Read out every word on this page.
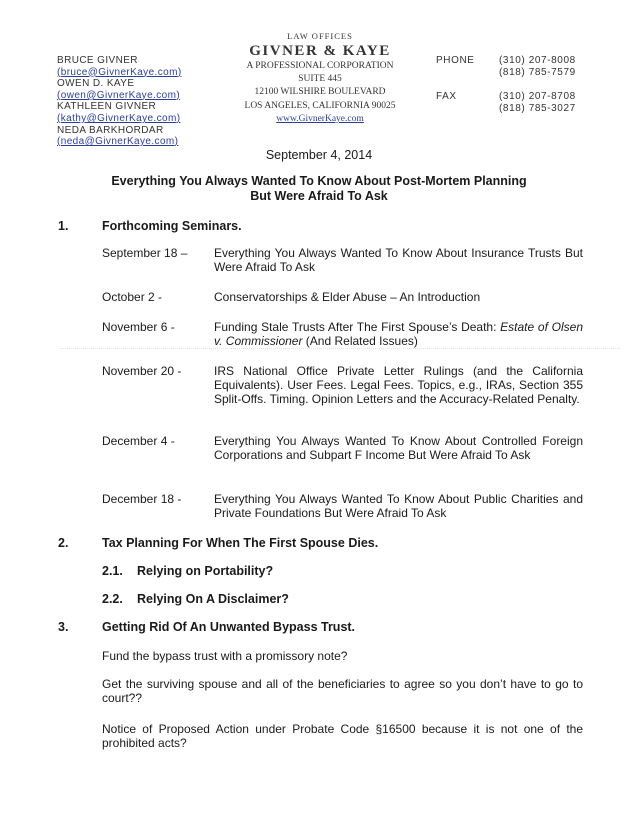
BRUCE GIVNER
( bruce@GivnerKaye.com )
OWEN D. KAYE
( owen@GivnerKaye.com )
KATHLEEN GIVNER
( kathy@GivnerKaye.com )
NEDA BARKHORDAR
( neda@GivnerKaye.com )
LAW OFFICES
GIVNER & KAYE
A PROFESSIONAL CORPORATION
SUITE 445
12100 WILSHIRE BOULEVARD
LOS ANGELES, CALIFORNIA 90025
www.GivnerKaye.com
PHONE (310) 207-8008
(818) 785-7579
FAX	(310) 207-8708
(818) 785-3027
September 4, 2014
Everything You Always Wanted To Know About Post-Mortem Planning
But Were Afraid To Ask
1.	Forthcoming Seminars.
September 18 – Everything You Always Wanted To Know About Insurance Trusts But Were Afraid To Ask
October 2 -	Conservatorships & Elder Abuse – An Introduction
November 6 -	Funding Stale Trusts After The First Spouse’s Death: Estate of Olsen v. Commissioner (And Related Issues)
November 20 -	IRS National Office Private Letter Rulings (and the California Equivalents). User Fees. Legal Fees. Topics, e.g., IRAs, Section 355 Split-Offs. Timing. Opinion Letters and the Accuracy-Related Penalty.
December 4 -	Everything You Always Wanted To Know About Controlled Foreign Corporations and Subpart F Income But Were Afraid To Ask
December 18 -	Everything You Always Wanted To Know About Public Charities and Private Foundations But Were Afraid To Ask
2.	Tax Planning For When The First Spouse Dies.
2.1. Relying on Portability?
2.2. Relying On A Disclaimer?
3.	Getting Rid Of An Unwanted Bypass Trust.
Fund the bypass trust with a promissory note?
Get the surviving spouse and all of the beneficiaries to agree so you don’t have to go to court??
Notice of Proposed Action under Probate Code §16500 because it is not one of the prohibited acts?
